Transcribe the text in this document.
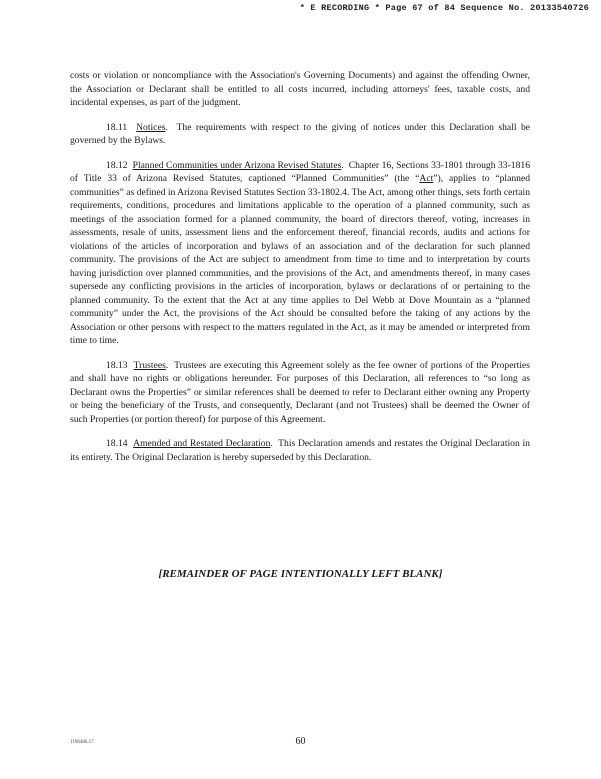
* E RECORDING * Page 67 of 84 Sequence No. 20133540726

costs or violation or noncompliance with the Association's Governing Documents) and against the offending Owner, the Association or Declarant shall be entitled to all costs incurred, including attorneys' fees, taxable costs, and incidental expenses, as part of the judgment.

18.11 Notices.  The requirements with respect to the giving of notices under this Declaration shall be governed by the Bylaws.

18.12 Planned Communities under Arizona Revised Statutes.  Chapter 16, Sections 33-1801 through 33-1816 of Title 33 of Arizona Revised Statutes, captioned “Planned Communities” (the “Act”), applies to “planned communities” as defined in Arizona Revised Statutes Section 33-1802.4. The Act, among other things, sets forth certain requirements, conditions, procedures and limitations applicable to the operation of a planned community, such as meetings of the association formed for a planned community, the board of directors thereof, voting, increases in assessments, resale of units, assessment liens and the enforcement thereof, financial records, audits and actions for violations of the articles of incorporation and bylaws of an association and of the declaration for such planned community. The provisions of the Act are subject to amendment from time to time and to interpretation by courts having jurisdiction over planned communities, and the provisions of the Act, and amendments thereof, in many cases supersede any conflicting provisions in the articles of incorporation, bylaws or declarations of or pertaining to the planned community. To the extent that the Act at any time applies to Del Webb at Dove Mountain as a “planned community” under the Act, the provisions of the Act should be consulted before the taking of any actions by the Association or other persons with respect to the matters regulated in the Act, as it may be amended or interpreted from time to time.

18.13 Trustees.  Trustees are executing this Agreement solely as the fee owner of portions of the Properties and shall have no rights or obligations hereunder. For purposes of this Declaration, all references to “so long as Declarant owns the Properties” or similar references shall be deemed to refer to Declarant either owning any Property or being the beneficiary of the Trusts, and consequently, Declarant (and not Trustees) shall be deemed the Owner of such Properties (or portion thereof) for purpose of this Agreement.

18.14 Amended and Restated Declaration.  This Declaration amends and restates the Original Declaration in its entirety. The Original Declaration is hereby superseded by this Declaration.

[REMAINDER OF PAGE INTENTIONALLY LEFT BLANK]
1196486.17	60
